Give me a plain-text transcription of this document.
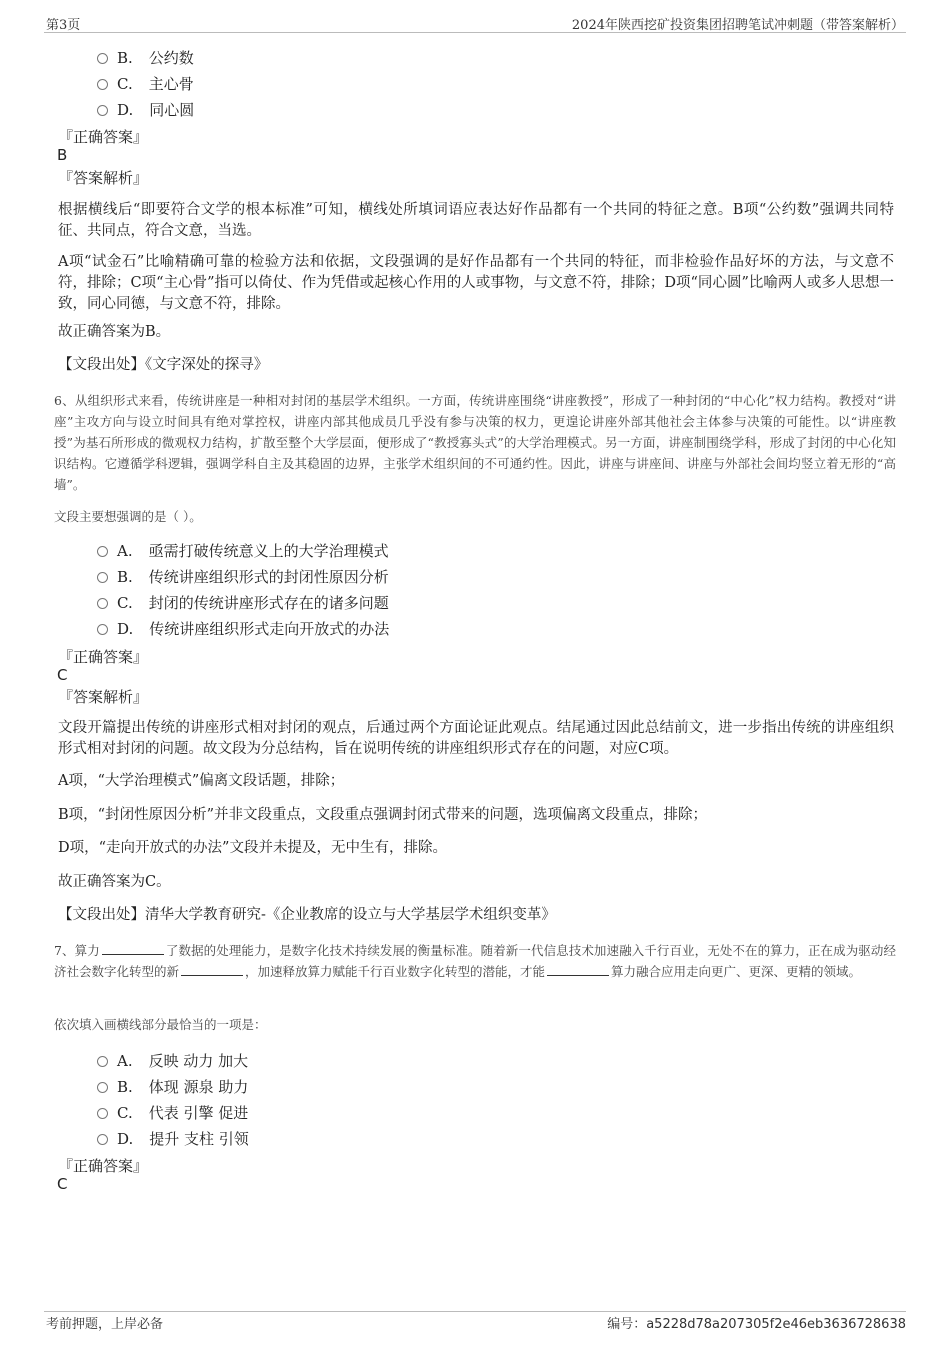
第3页	2024年陕西挖矿投资集团招聘笔试冲刺题（带答案解析）
B. 公约数
C. 主心骨
D. 同心圆
『正确答案』
B
『答案解析』
根据横线后“即要符合文学的根本标准”可知，横线处所填词语应表达好作品都有一个共同的特征之意。B项“公约数”强调共同特征、共同点，符合文意，当选。
A项“试金石”比喻精确可靠的检验方法和依据，文段强调的是好作品都有一个共同的特征，而非检验作品好坏的方法，与文意不符，排除；C项“主心骨”指可以倚仗、作为凭借或起核心作用的人或事物，与文意不符，排除；D项“同心圆”比喻两人或多人思想一致，同心同德，与文意不符，排除。
故正确答案为B。
【文段出处】《文字深处的探寻》
6、从组织形式来看，传统讲座是一种相对封闭的基层学术组织。一方面，传统讲座围绕“讲座教授”，形成了一种封闭的“中心化”权力结构。教授对“讲座”主攻方向与设立时间具有绝对掌控权，讲座内部其他成员几乎没有参与决策的权力，更遑论讲座外部其他社会主体参与决策的可能性。以“讲座教授”为基石所形成的微观权力结构，扩散至整个大学层面，便形成了“教授寡头式”的大学治理模式。另一方面，讲座制围绕学科，形成了封闭的中心化知识结构。它遵循学科逻辑，强调学科自主及其稳固的边界，主张学术组织间的不可通约性。因此，讲座与讲座间、讲座与外部社会间均竖立着无形的“高墙”。
文段主要想强调的是（ ）。
A. 亟需打破传统意义上的大学治理模式
B. 传统讲座组织形式的封闭性原因分析
C. 封闭的传统讲座形式存在的诸多问题
D. 传统讲座组织形式走向开放式的办法
『正确答案』
C
『答案解析』
文段开篇提出传统的讲座形式相对封闭的观点，后通过两个方面论证此观点。结尾通过因此总结前文，进一步指出传统的讲座组织形式相对封闭的问题。故文段为分总结构，旨在说明传统的讲座组织形式存在的问题，对应C项。
A项，“大学治理模式”偏离文段话题，排除；
B项，“封闭性原因分析”并非文段重点，文段重点强调封闭式带来的问题，选项偏离文段重点，排除；
D项，“走向开放式的办法”文段并未提及，无中生有，排除。
故正确答案为C。
【文段出处】清华大学教育研究-《企业教席的设立与大学基层学术组织变革》
7、算力	了数据的处理能力，是数字化技术持续发展的衡量标准。随着新一代信息技术加速融入千行百业，无处不在的算力，正在成为驱动经济社会数字化转型的新	，加速释放算力赋能千行百业数字化转型的潜能，才能	算力融合应用走向更广、更深、更精的领域。
依次填入画横线部分最恰当的一项是：
A. 反映 动力 加大
B. 体现 源泉 助力
C. 代表 引擎 促进
D. 提升 支柱 引领
『正确答案』
C
考前押题，上岸必备	编号：a5228d78a207305f2e46eb3636728638
